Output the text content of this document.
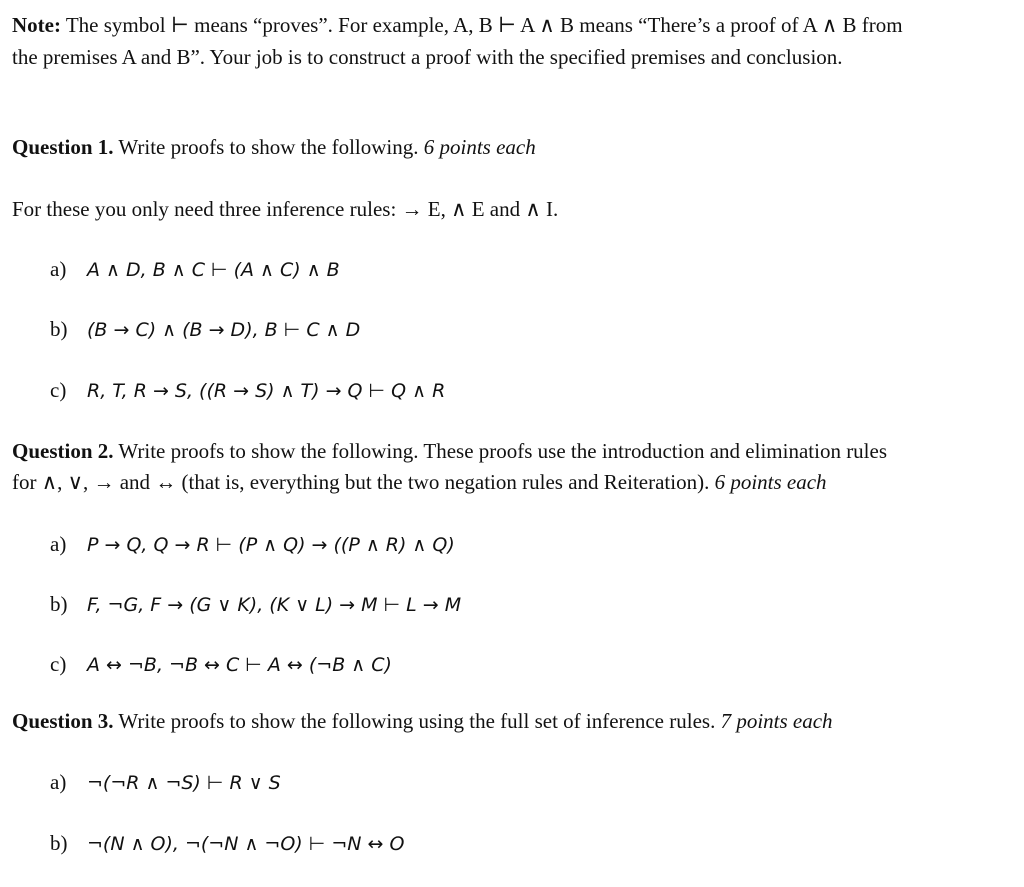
Note: The symbol ⊢ means “proves”. For example, A, B ⊢ A ∧ B means “There’s a proof of A ∧ B from
the premises A and B”. Your job is to construct a proof with the specified premises and conclusion.
Question 1. Write proofs to show the following. 6 points each
For these you only need three inference rules: → E, ∧ E and ∧ I.
a) A ∧ D, B ∧ C ⊢ (A ∧ C) ∧ B
b) (B → C) ∧ (B → D), B ⊢ C ∧ D
c) R, T, R → S, ((R → S) ∧ T) → Q ⊢ Q ∧ R
Question 2. Write proofs to show the following. These proofs use the introduction and elimination rules
for ∧, ∨, → and ↔ (that is, everything but the two negation rules and Reiteration). 6 points each
a) P → Q, Q → R ⊢ (P ∧ Q) → ((P ∧ R) ∧ Q)
b) F, ¬G, F → (G ∨ K), (K ∨ L) → M ⊢ L → M
c) A ↔ ¬B, ¬B ↔ C ⊢ A ↔ (¬B ∧ C)
Question 3. Write proofs to show the following using the full set of inference rules. 7 points each
a) ¬(¬R ∧ ¬S) ⊢ R ∨ S
b) ¬(N ∧ O), ¬(¬N ∧ ¬O) ⊢ ¬N ↔ O
